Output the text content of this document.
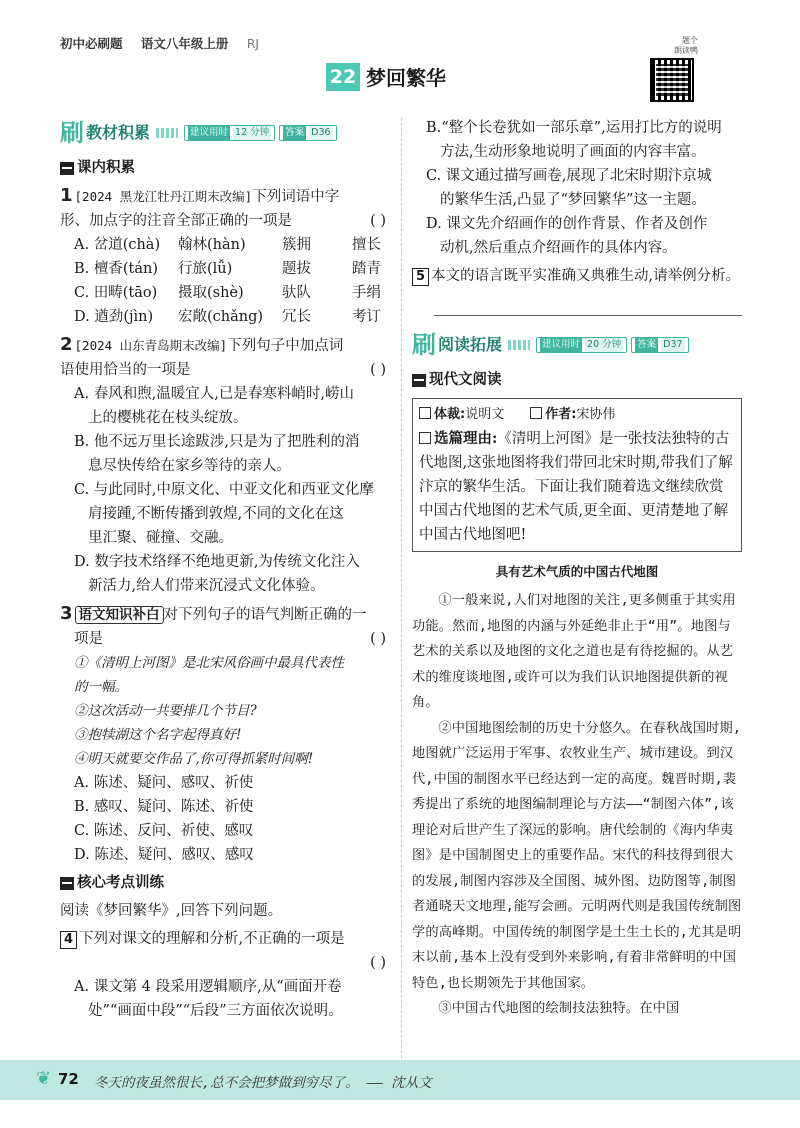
初中必刷题 语文八年级上册 RJ
22 梦回繁华
题个
朗读鸭
刷 教材积累	建议用时 12 分钟 答案 D36
课内积累
1 [2024 黑龙江牡丹江期末改编]下列词语中字
形、加点字的注音全部正确的一项是	( )
A. 岔道(chà)	翰林(hàn)	簇拥	擅长
B. 檀香(tán)	行旅(lǚ)	题拔	踏青
C. 田畴(tāo)	摄取(shè)	驮队	手绢
D. 遒劲(jìn)	宏敞(chǎng)	冗长	考订
2 [2024 山东青岛期末改编]下列句子中加点词
语使用恰当的一项是	( )
A. 春风和煦,温暖宜人,已是春寒料峭时,崂山
上的樱桃花在枝头绽放。
B. 他不远万里长途跋涉,只是为了把胜利的消
息尽快传给在家乡等待的亲人。
C. 与此同时,中原文化、中亚文化和西亚文化摩
肩接踵,不断传播到敦煌,不同的文化在这
里汇聚、碰撞、交融。
D. 数字技术络绎不绝地更新,为传统文化注入
新活力,给人们带来沉浸式文化体验。
3 语文知识补白 对下列句子的语气判断正确的一
项是	( )
①《清明上河图》是北宋风俗画中最具代表性
的一幅。
②这次活动一共要排几个节目?
③抱犊湖这个名字起得真好!
④明天就要交作品了,你可得抓紧时间啊!
A. 陈述、疑问、感叹、祈使
B. 感叹、疑问、陈述、祈使
C. 陈述、反问、祈使、感叹
D. 陈述、疑问、感叹、感叹
核心考点训练
阅读《梦回繁华》,回答下列问题。
4 下列对课文的理解和分析,不正确的一项是
( )
A. 课文第 4 段采用逻辑顺序,从“画面开卷
处”“画面中段”“后段”三方面依次说明。
B.“整个长卷犹如一部乐章”,运用打比方的说明
方法,生动形象地说明了画面的内容丰富。
C. 课文通过描写画卷,展现了北宋时期汴京城
的繁华生活,凸显了“梦回繁华”这一主题。
D. 课文先介绍画作的创作背景、作者及创作
动机,然后重点介绍画作的具体内容。
5 本文的语言既平实准确又典雅生动,请举例分析。
刷 阅读拓展	建议用时 20 分钟 答案 D37
现代文阅读
体裁:说明文	作者:宋协伟
选篇理由:《清明上河图》是一张技法独特的古代地图,这张地图将我们带回北宋时期,带我们了解汴京的繁华生活。下面让我们随着选文继续欣赏中国古代地图的艺术气质,更全面、更清楚地了解中国古代地图吧!
具有艺术气质的中国古代地图
①一般来说,人们对地图的关注,更多侧重于其实用功能。然而,地图的内涵与外延绝非止于“用”。地图与艺术的关系以及地图的文化之道也是有待挖掘的。从艺术的维度谈地图,或许可以为我们认识地图提供新的视角。
②中国地图绘制的历史十分悠久。在春秋战国时期,地图就广泛运用于军事、农牧业生产、城市建设。到汉代,中国的制图水平已经达到一定的高度。魏晋时期,裴秀提出了系统的地图编制理论与方法——“制图六体”,该理论对后世产生了深远的影响。唐代绘制的《海内华夷图》是中国制图史上的重要作品。宋代的科技得到很大的发展,制图内容涉及全国图、城外图、边防图等,制图者通晓天文地理,能写会画。元明两代则是我国传统制图学的高峰期。中国传统的制图学是土生土长的,尤其是明末以前,基本上没有受到外来影响,有着非常鲜明的中国特色,也长期领先于其他国家。
③中国古代地图的绘制技法独特。在中国
❦ 72 冬天的夜虽然很长,总不会把梦做到穷尽了。 —— 沈从文
